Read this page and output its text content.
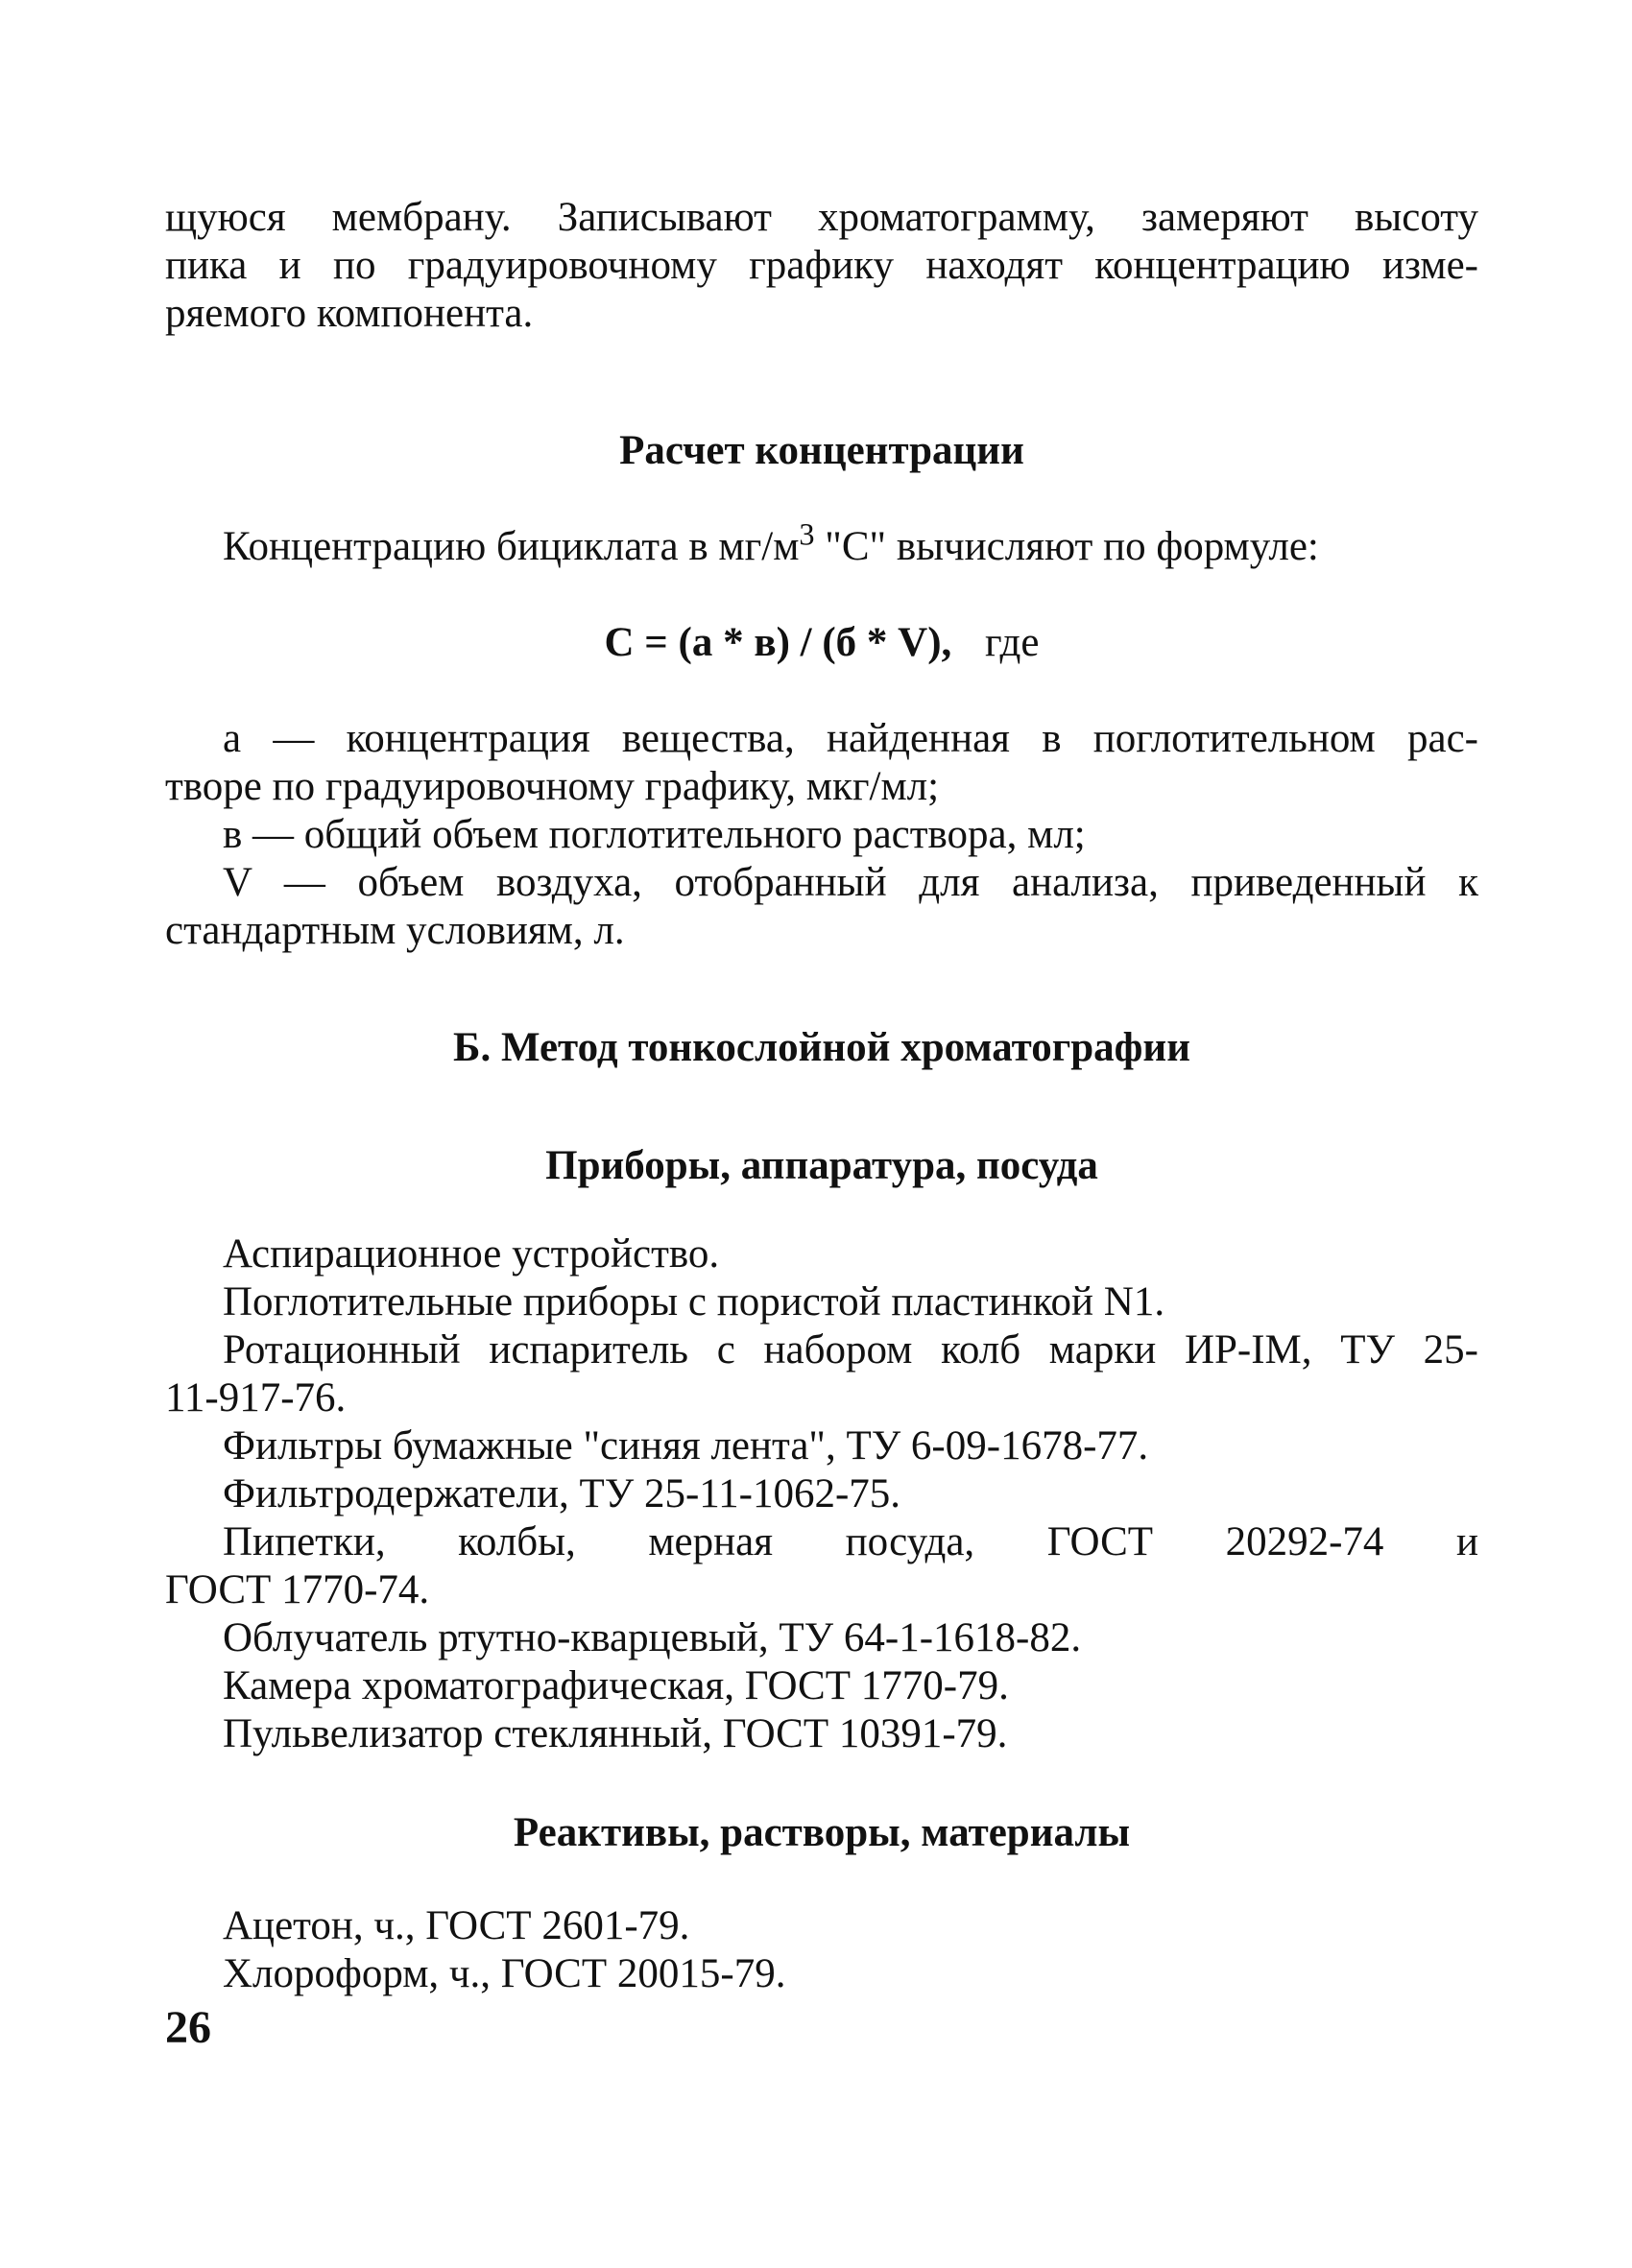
щуюся мембрану. Записывают хроматограмму, замеряют высоту
пика и по градуировочному графику находят концентрацию изме-
ряемого компонента.
Расчет концентрации
Концентрацию бициклата в $мг/м^3$ "С" вычисляют по формуле:
С = (а * в) / (б * V), где
а — концентрация вещества, найденная в поглотительном рас-
творе по градуировочному графику, мкг/мл;
в — общий объем поглотительного раствора, мл;
V — объем воздуха, отобранный для анализа, приведенный к
стандартным условиям, л.
Б. Метод тонкослойной хроматографии
Приборы, аппаратура, посуда
Аспирационное устройство.
Поглотительные приборы с пористой пластинкой N1.
Ротационный испаритель с набором колб марки ИР-IM, ТУ 25-
11-917-76.
Фильтры бумажные "синяя лента", ТУ 6-09-1678-77.
Фильтродержатели, ТУ 25-11-1062-75.
Пипетки, колбы, мерная посуда, ГОСТ 20292-74 и
ГОСТ 1770-74.
Облучатель ртутно-кварцевый, ТУ 64-1-1618-82.
Камера хроматографическая, ГОСТ 1770-79.
Пульвелизатор стеклянный, ГОСТ 10391-79.
Реактивы, растворы, материалы
Ацетон, ч., ГОСТ 2601-79.
Хлороформ, ч., ГОСТ 20015-79.
26
